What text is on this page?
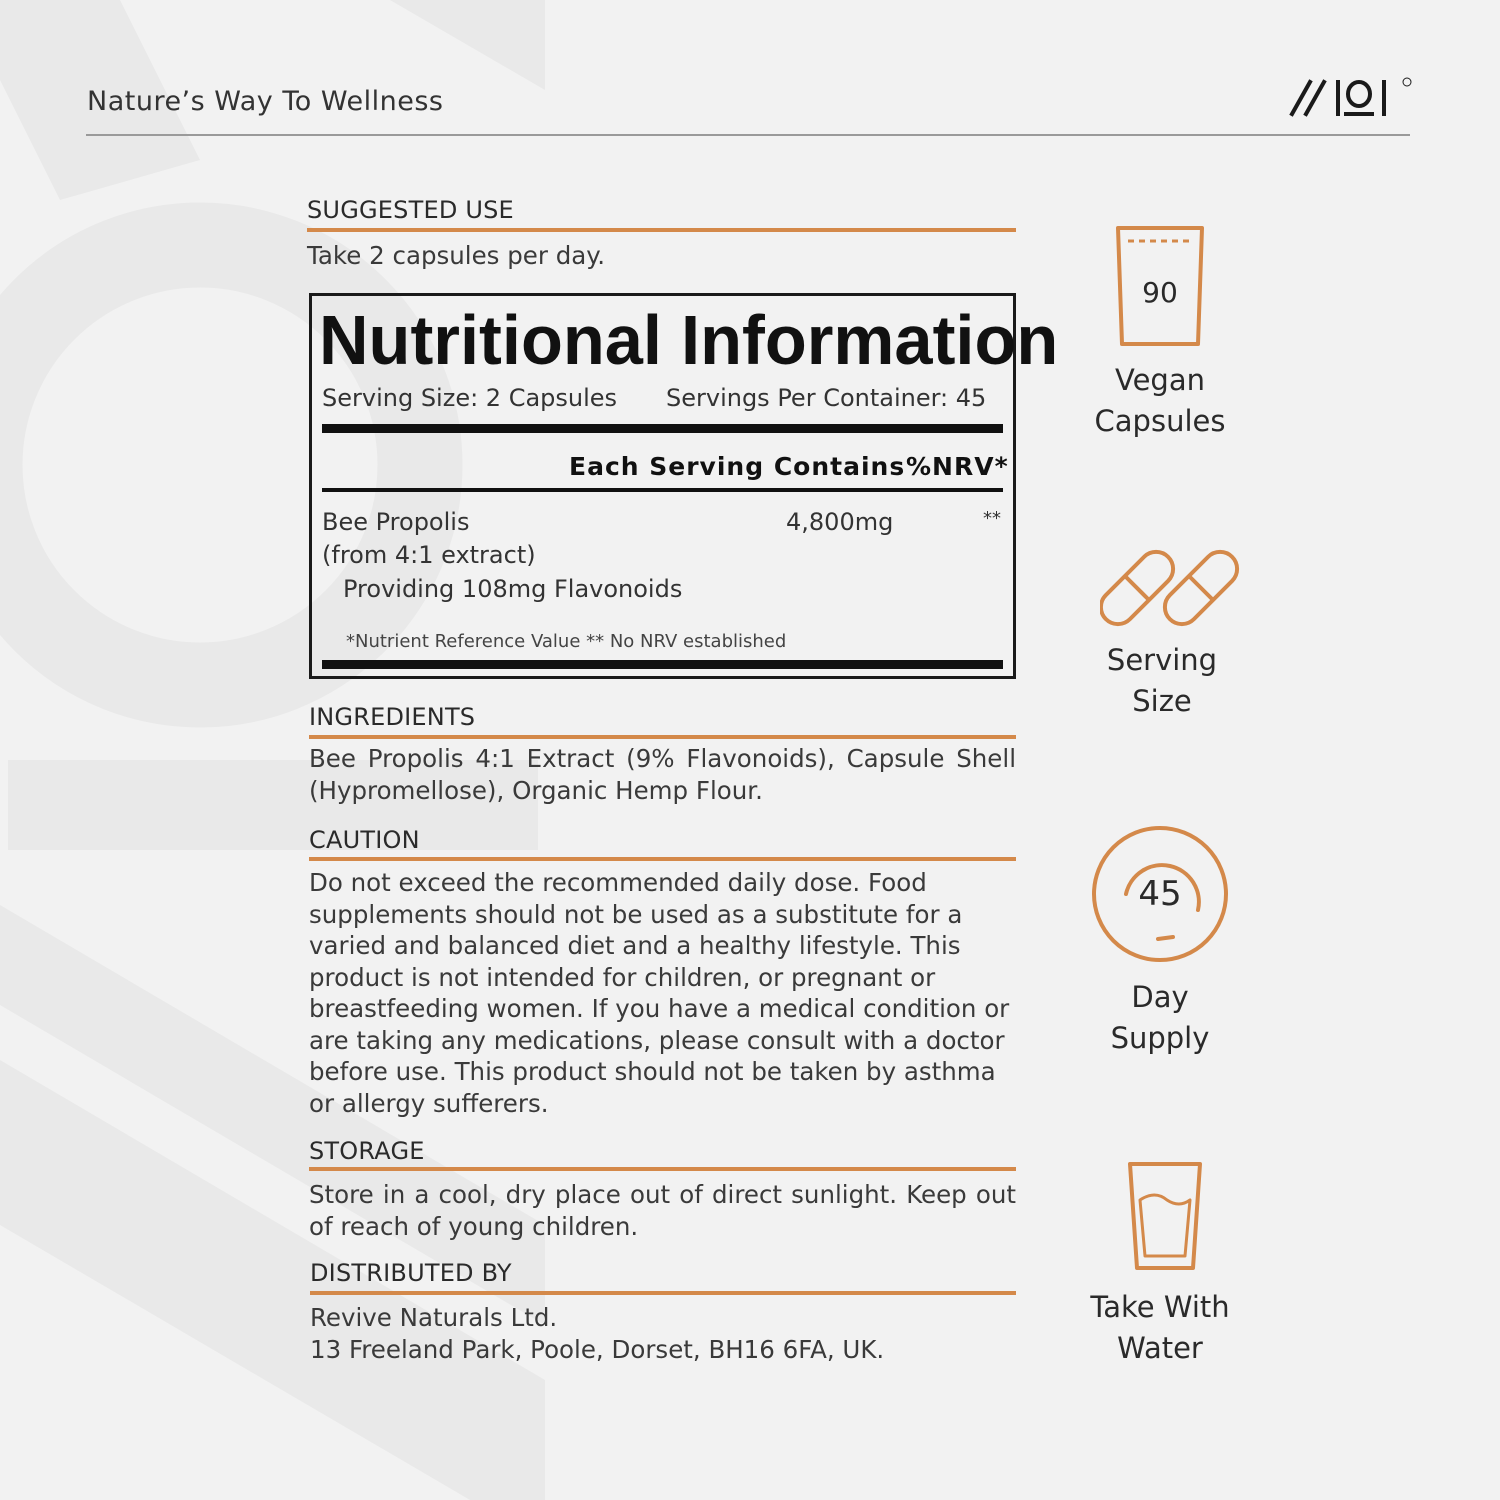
Nature’s Way To Wellness
SUGGESTED USE
Take 2 capsules per day.
Nutritional Information
Serving Size: 2 Capsules Servings Per Container: 45
Each Serving Contains %NRV*
Bee Propolis	4,800mg	**
(from 4:1 extract)
Providing 108mg Flavonoids
*Nutrient Reference Value ** No NRV established
INGREDIENTS
Bee Propolis 4:1 Extract (9% Flavonoids), Capsule Shell (Hypromellose), Organic Hemp Flour.
CAUTION
Do not exceed the recommended daily dose. Food supplements should not be used as a substitute for a varied and balanced diet and a healthy lifestyle. This product is not intended for children, or pregnant or breastfeeding women. If you have a medical condition or are taking any medications, please consult with a doctor before use. This product should not be taken by asthma or allergy sufferers.
STORAGE
Store in a cool, dry place out of direct sunlight. Keep out of reach of young children.
DISTRIBUTED BY
Revive Naturals Ltd.
13 Freeland Park, Poole, Dorset, BH16 6FA, UK.
90
Vegan
Capsules
Serving
Size
45
Day
Supply
Take With
Water
